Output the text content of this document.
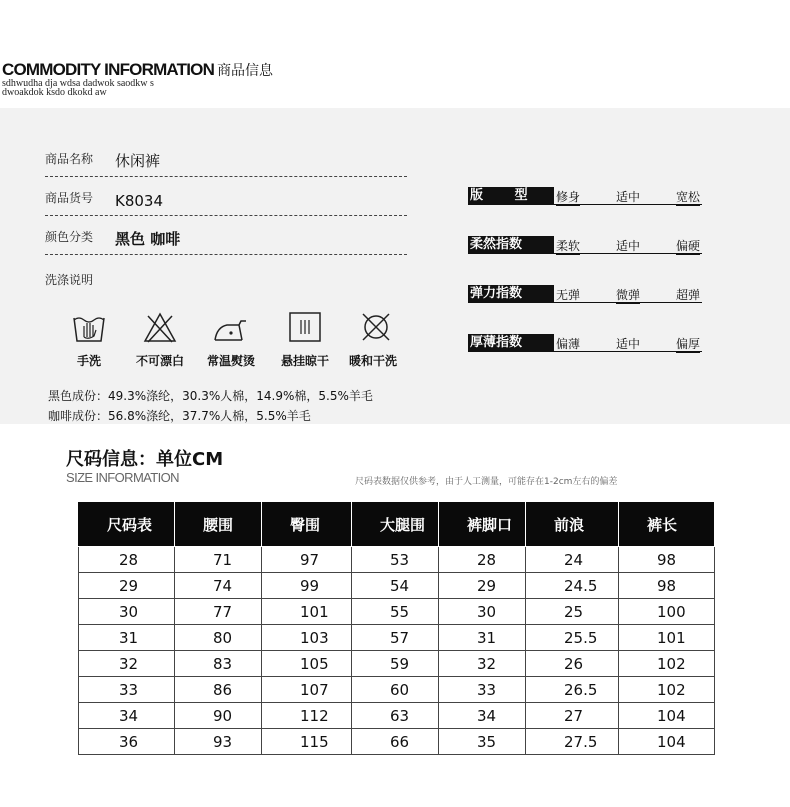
COMMODITY INFORMATION 商品信息
sdhwudha dja wdsa dadwok saodkw s
dwoakdok ksdo dkokd aw
商品名称 休闲裤
商品货号 K8034
颜色分类 黑色 咖啡
洗涤说明
手洗	不可漂白	常温熨烫	悬挂晾干	暖和干洗
黑色成份：49.3%涤纶，30.3%人棉，14.9%棉，5.5%羊毛
咖啡成份：56.8%涤纶，37.7%人棉，5.5%羊毛
版       型	修身	适中	宽松
柔然指数	柔软	适中	偏硬
弹力指数	无弹	微弹	超弹
厚薄指数	偏薄	适中	偏厚
尺码信息：单位CM
SIZE INFORMATION	尺码表数据仅供参考，由于人工测量，可能存在1-2cm左右的偏差
尺码表	腰围	臀围	大腿围	裤脚口	前浪	裤长
28	71	97	53	28	24	98
29	74	99	54	29	24.5	98
30	77	101	55	30	25	100
31	80	103	57	31	25.5	101
32	83	105	59	32	26	102
33	86	107	60	33	26.5	102
34	90	112	63	34	27	104
36	93	115	66	35	27.5	104
